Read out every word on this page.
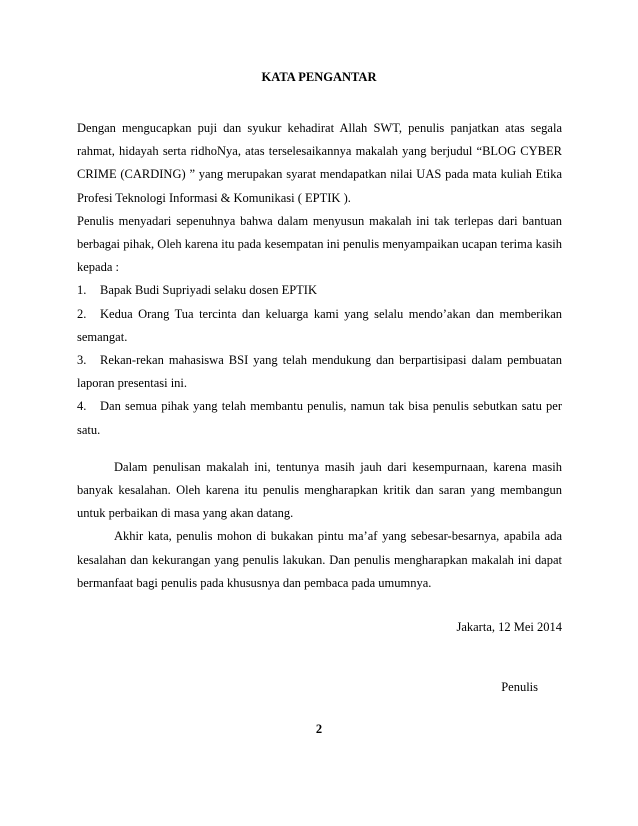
KATA PENGANTAR

Dengan mengucapkan puji dan syukur kehadirat Allah SWT, penulis panjatkan atas segala rahmat, hidayah serta ridhoNya, atas terselesaikannya makalah yang berjudul “BLOG CYBER CRIME (CARDING) ” yang merupakan syarat mendapatkan nilai UAS pada mata kuliah Etika Profesi Teknologi Informasi & Komunikasi ( EPTIK ).

Penulis menyadari sepenuhnya bahwa dalam menyusun makalah ini tak terlepas dari bantuan berbagai pihak, Oleh karena itu pada kesempatan ini penulis menyampaikan ucapan terima kasih kepada :

1. Bapak Budi Supriyadi selaku dosen EPTIK
2. Kedua Orang Tua tercinta dan keluarga kami yang selalu mendo’akan dan memberikan semangat.
3. Rekan-rekan mahasiswa BSI yang telah mendukung dan berpartisipasi dalam pembuatan laporan presentasi ini.
4. Dan semua pihak yang telah membantu penulis, namun tak bisa penulis sebutkan satu per satu.

Dalam penulisan makalah ini, tentunya masih jauh dari kesempurnaan, karena masih banyak kesalahan. Oleh karena itu penulis mengharapkan kritik dan saran yang membangun untuk perbaikan di masa yang akan datang.

Akhir kata, penulis mohon di bukakan pintu ma’af yang sebesar-besarnya, apabila ada kesalahan dan kekurangan yang penulis lakukan. Dan penulis mengharapkan makalah ini dapat bermanfaat bagi penulis pada khususnya dan pembaca pada umumnya.

Jakarta, 12 Mei 2014
Penulis
2
